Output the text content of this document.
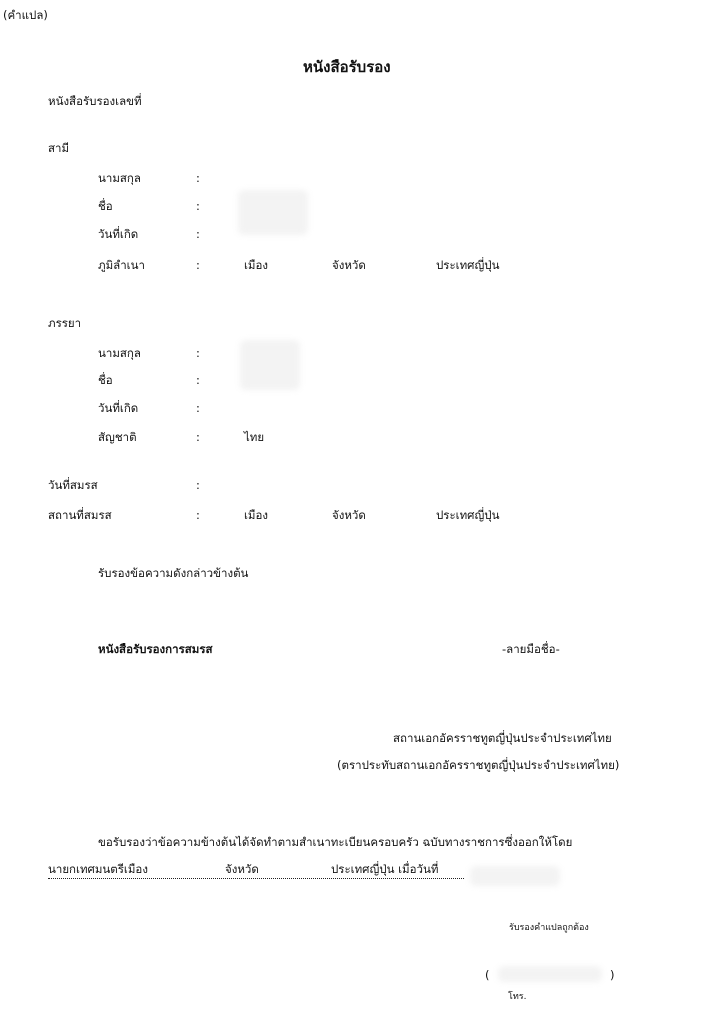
(คำแปล)
หนังสือรับรอง
หนังสือรับรองเลขที่
สามี
นามสกุล	:
ชื่อ	:
วันที่เกิด	:
ภูมิลำเนา	:	เมือง	จังหวัด	ประเทศญี่ปุ่น
ภรรยา
นามสกุล	:
ชื่อ	:
วันที่เกิด	:
สัญชาติ	:	ไทย
วันที่สมรส	:
สถานที่สมรส	:	เมือง	จังหวัด	ประเทศญี่ปุ่น
รับรองข้อความดังกล่าวข้างต้น
หนังสือรับรองการสมรส	-ลายมือชื่อ-
สถานเอกอัครราชทูตญี่ปุ่นประจำประเทศไทย
(ตราประทับสถานเอกอัครราชทูตญี่ปุ่นประจำประเทศไทย)
ขอรับรองว่าข้อความข้างต้นได้จัดทำตามสำเนาทะเบียนครอบครัว ฉบับทางราชการซึ่งออกให้โดย
นายกเทศมนตรีเมือง	จังหวัด	ประเทศญี่ปุ่น เมื่อวันที่
รับรองคำแปลถูกต้อง
(	)
โทร.
